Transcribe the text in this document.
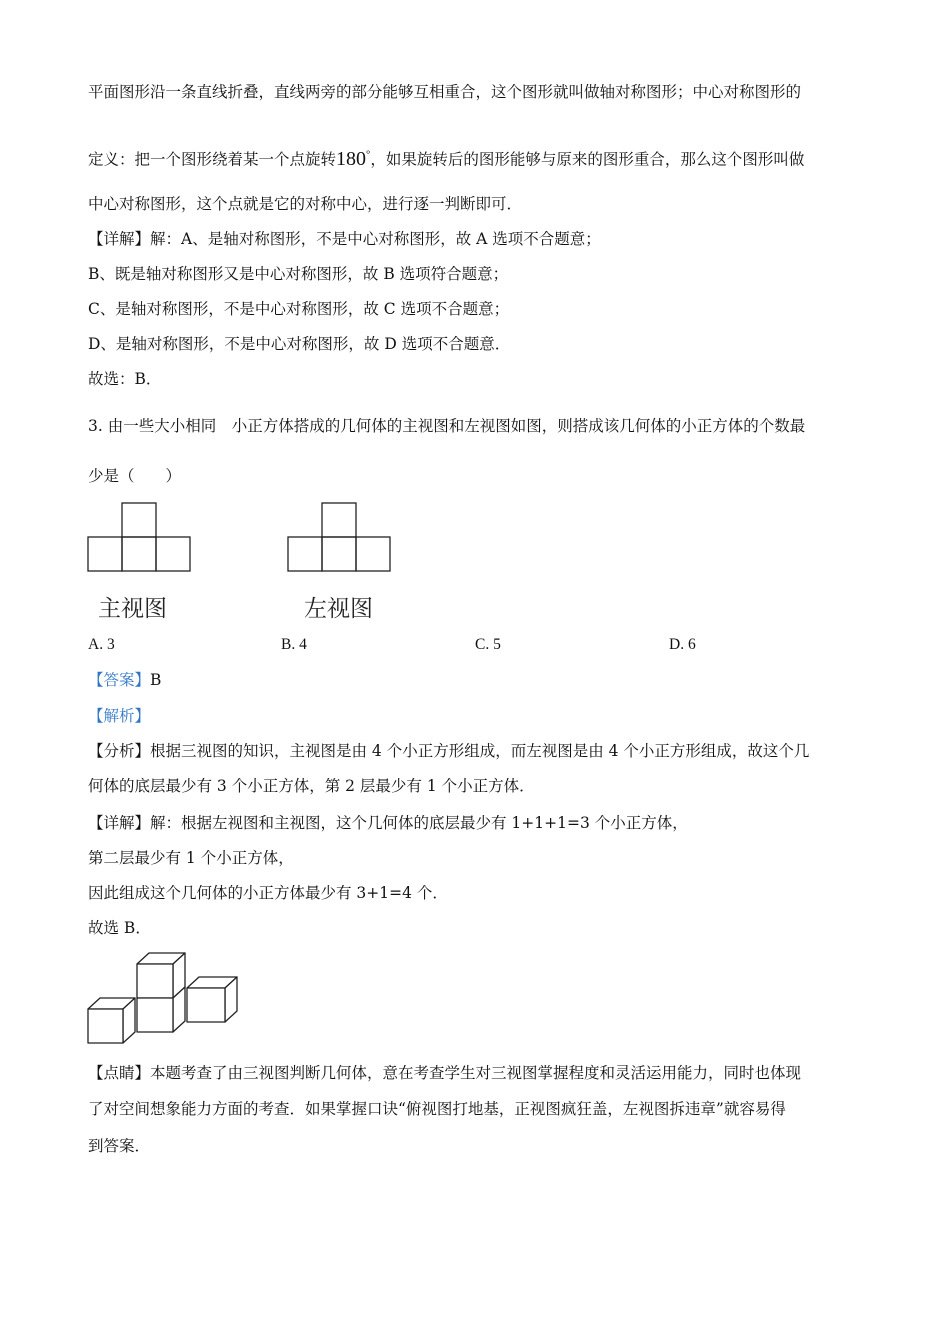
平面图形沿一条直线折叠，直线两旁的部分能够互相重合，这个图形就叫做轴对称图形；中心对称图形的
定义：把一个图形绕着某一个点旋转180°，如果旋转后的图形能够与原来的图形重合，那么这个图形叫做
中心对称图形，这个点就是它的对称中心，进行逐一判断即可．
【详解】解：A、是轴对称图形，不是中心对称图形，故 A 选项不合题意；
B、既是轴对称图形又是中心对称图形，故 B 选项符合题意；
C、是轴对称图形，不是中心对称图形，故 C 选项不合题意；
D、是轴对称图形，不是中心对称图形，故 D 选项不合题意．
故选：B．
3. 由一些大小相同　小正方体搭成的几何体的主视图和左视图如图，则搭成该几何体的小正方体的个数最
少是（　　）
主视图	左视图
A. 3	B. 4	C. 5	D. 6
【答案】B
【解析】
【分析】根据三视图的知识，主视图是由 4 个小正方形组成，而左视图是由 4 个小正方形组成，故这个几
何体的底层最少有 3 个小正方体，第 2 层最少有 1 个小正方体．
【详解】解：根据左视图和主视图，这个几何体的底层最少有 1+1+1=3 个小正方体，
第二层最少有 1 个小正方体，
因此组成这个几何体的小正方体最少有 3+1=4 个．
故选 B．
【点睛】本题考查了由三视图判断几何体，意在考查学生对三视图掌握程度和灵活运用能力，同时也体现
了对空间想象能力方面的考查．如果掌握口诀“俯视图打地基，正视图疯狂盖，左视图拆违章”就容易得
到答案．
